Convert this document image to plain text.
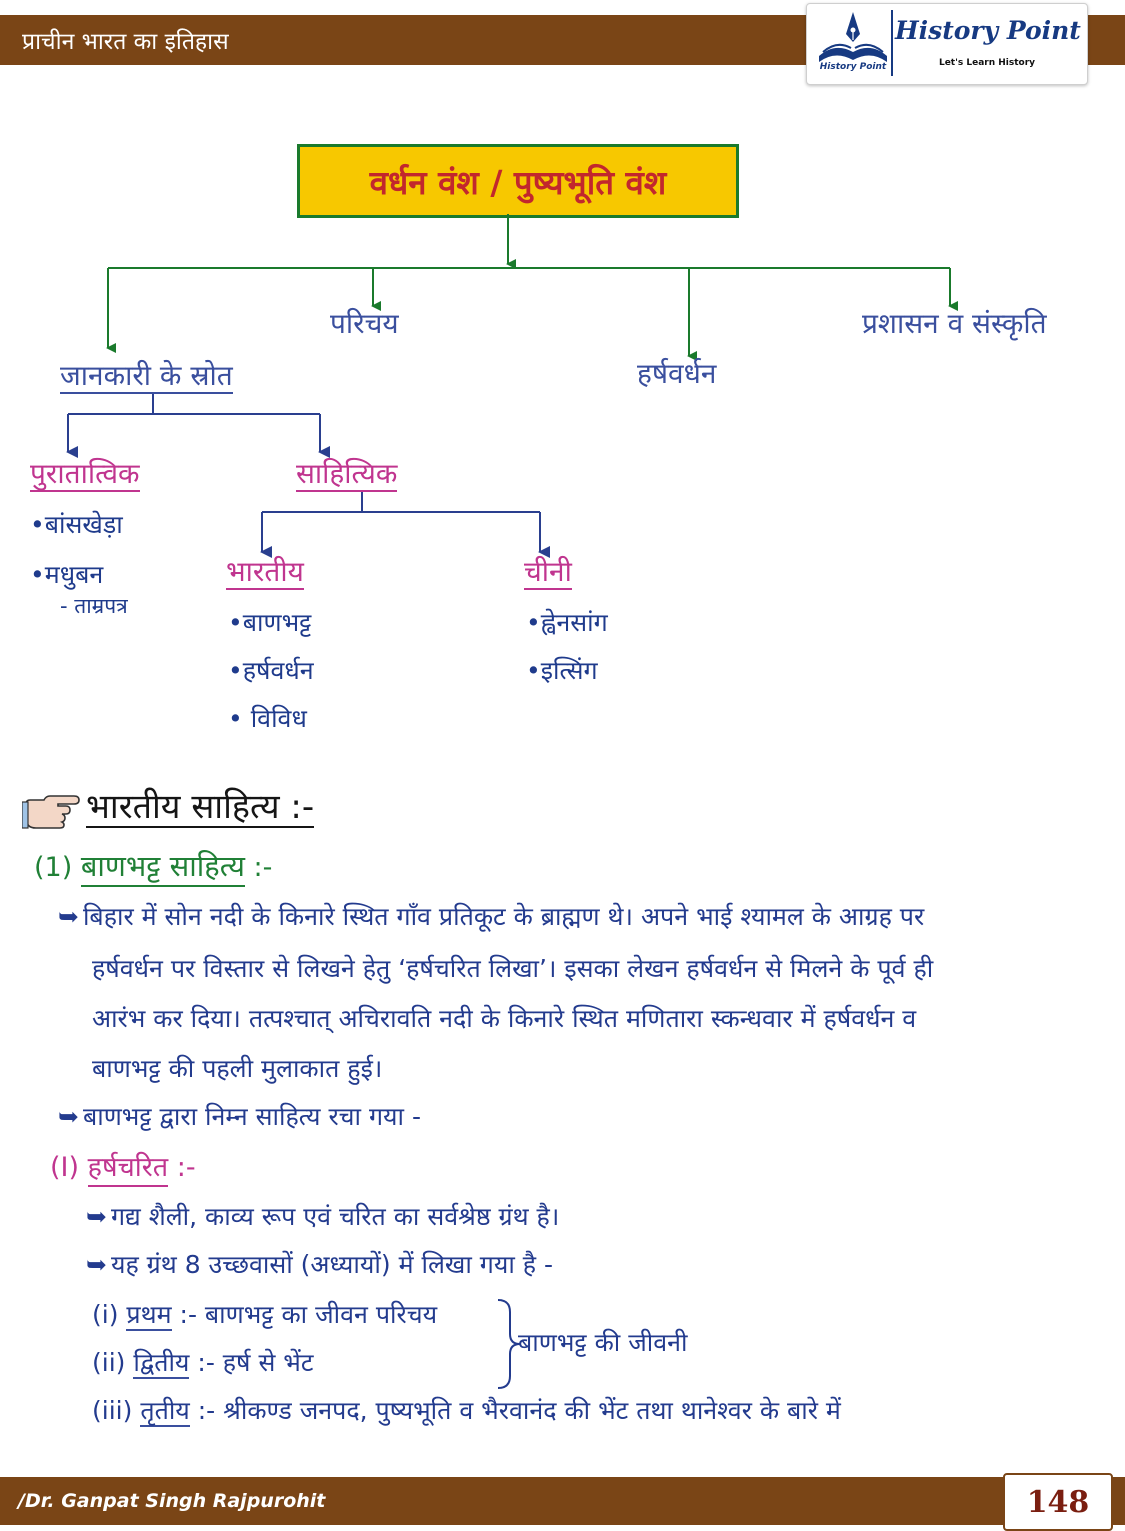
प्राचीन भारत का इतिहास
History Point
History Point
Let's Learn History
वर्धन वंश / पुष्यभूति वंश
जानकारी के स्रोत
परिचय
हर्षवर्धन
प्रशासन व संस्कृति
पुरातात्विक
•बांसखेड़ा
•मधुबन
- ताम्रपत्र
साहित्यिक
भारतीय
•बाणभट्ट
•हर्षवर्धन
• विविध
चीनी
•ह्वेनसांग
•इत्सिंग
भारतीय साहित्य :-
(1) बाणभट्ट साहित्य :-
➥ बिहार में सोन नदी के किनारे स्थित गाँव प्रतिकूट के ब्राह्मण थे। अपने भाई श्यामल के आग्रह पर
हर्षवर्धन पर विस्तार से लिखने हेतु ‘हर्षचरित लिखा’। इसका लेखन हर्षवर्धन से मिलने के पूर्व ही
आरंभ कर दिया। तत्पश्चात् अचिरावति नदी के किनारे स्थित मणितारा स्कन्धवार में हर्षवर्धन व
बाणभट्ट की पहली मुलाकात हुई।
➥ बाणभट्ट द्वारा निम्न साहित्य रचा गया -
(I) हर्षचरित :-
➥ गद्य शैली, काव्य रूप एवं चरित का सर्वश्रेष्ठ ग्रंथ है।
➥ यह ग्रंथ 8 उच्छवासों (अध्यायों) में लिखा गया है -
(i) प्रथम :- बाणभट्ट का जीवन परिचय
(ii) द्वितीय :- हर्ष से भेंट
(iii) तृतीय :- श्रीकण्ड जनपद, पुष्यभूति व भैरवानंद की भेंट तथा थानेश्वर के बारे में
बाणभट्ट की जीवनी
/Dr. Ganpat Singh Rajpurohit	148
